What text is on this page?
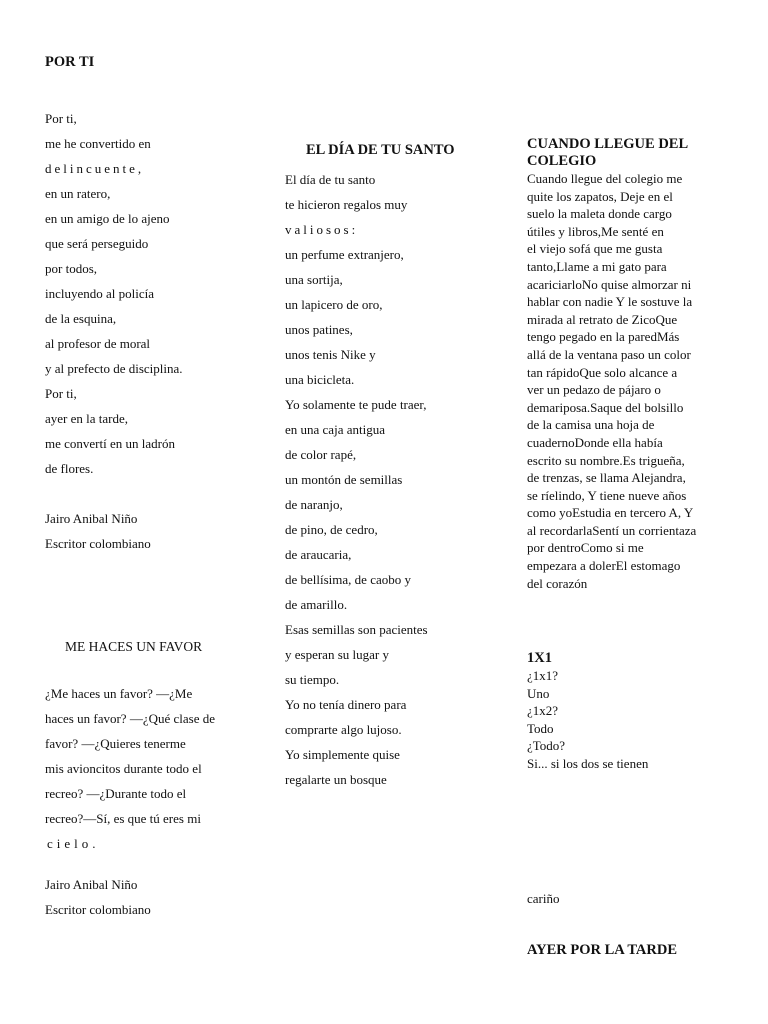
POR TI
Por ti,
me he convertido en
delincuente,
en un ratero,
en un amigo de lo ajeno
que será perseguido
por todos,
incluyendo al policía
de la esquina,
al profesor de moral
y al prefecto de disciplina.
Por ti,
ayer en la tarde,
me convertí en un ladrón
de flores.
Jairo Anibal Niño
Escritor colombiano
ME HACES UN FAVOR
¿Me haces un favor? —¿Me
haces un favor? —¿Qué clase de
favor? —¿Quieres tenerme
mis avioncitos durante todo el
recreo? —¿Durante todo el
recreo?—Sí, es que tú eres mi
cielo.
Jairo Anibal Niño
Escritor colombiano
EL DÍA DE TU SANTO
El día de tu santo
te hicieron regalos muy
valiosos:
un perfume extranjero,
una sortija,
un lapicero de oro,
unos patines,
unos tenis Nike y
una bicicleta.
Yo solamente te pude traer,
en una caja antigua
de color rapé,
un montón de semillas
de naranjo,
de pino, de cedro,
de araucaria,
de bellísima, de caobo y
de amarillo.
Esas semillas son pacientes
y esperan su lugar y
su tiempo.
Yo no tenía dinero para
comprarte algo lujoso.
Yo simplemente quise
regalarte un bosque
CUANDO LLEGUE DEL
COLEGIO
Cuando llegue del colegio me
quite los zapatos, Deje en el
suelo la maleta donde cargo
útiles y libros,Me senté en
el viejo sofá que me gusta
tanto,Llame a mi gato para
acariciarloNo quise almorzar ni
hablar con nadie Y le sostuve la
mirada al retrato de ZicoQue
tengo pegado en la paredMás
allá de la ventana paso un color
tan rápidoQue solo alcance a
ver un pedazo de pájaro o
demariposa.Saque del bolsillo
de la camisa una hoja de
cuadernoDonde ella había
escrito su nombre.Es trigueña,
de trenzas, se llama Alejandra,
se ríelindo, Y tiene nueve años
como yoEstudia en tercero A, Y
al recordarlaSentí un corrientaza
por dentroComo si me
empezara a dolerEl estomago
del corazón
1X1
¿1x1?
Uno
¿1x2?
Todo
¿Todo?
Si... si los dos se tienen
cariño
AYER POR LA TARDE
